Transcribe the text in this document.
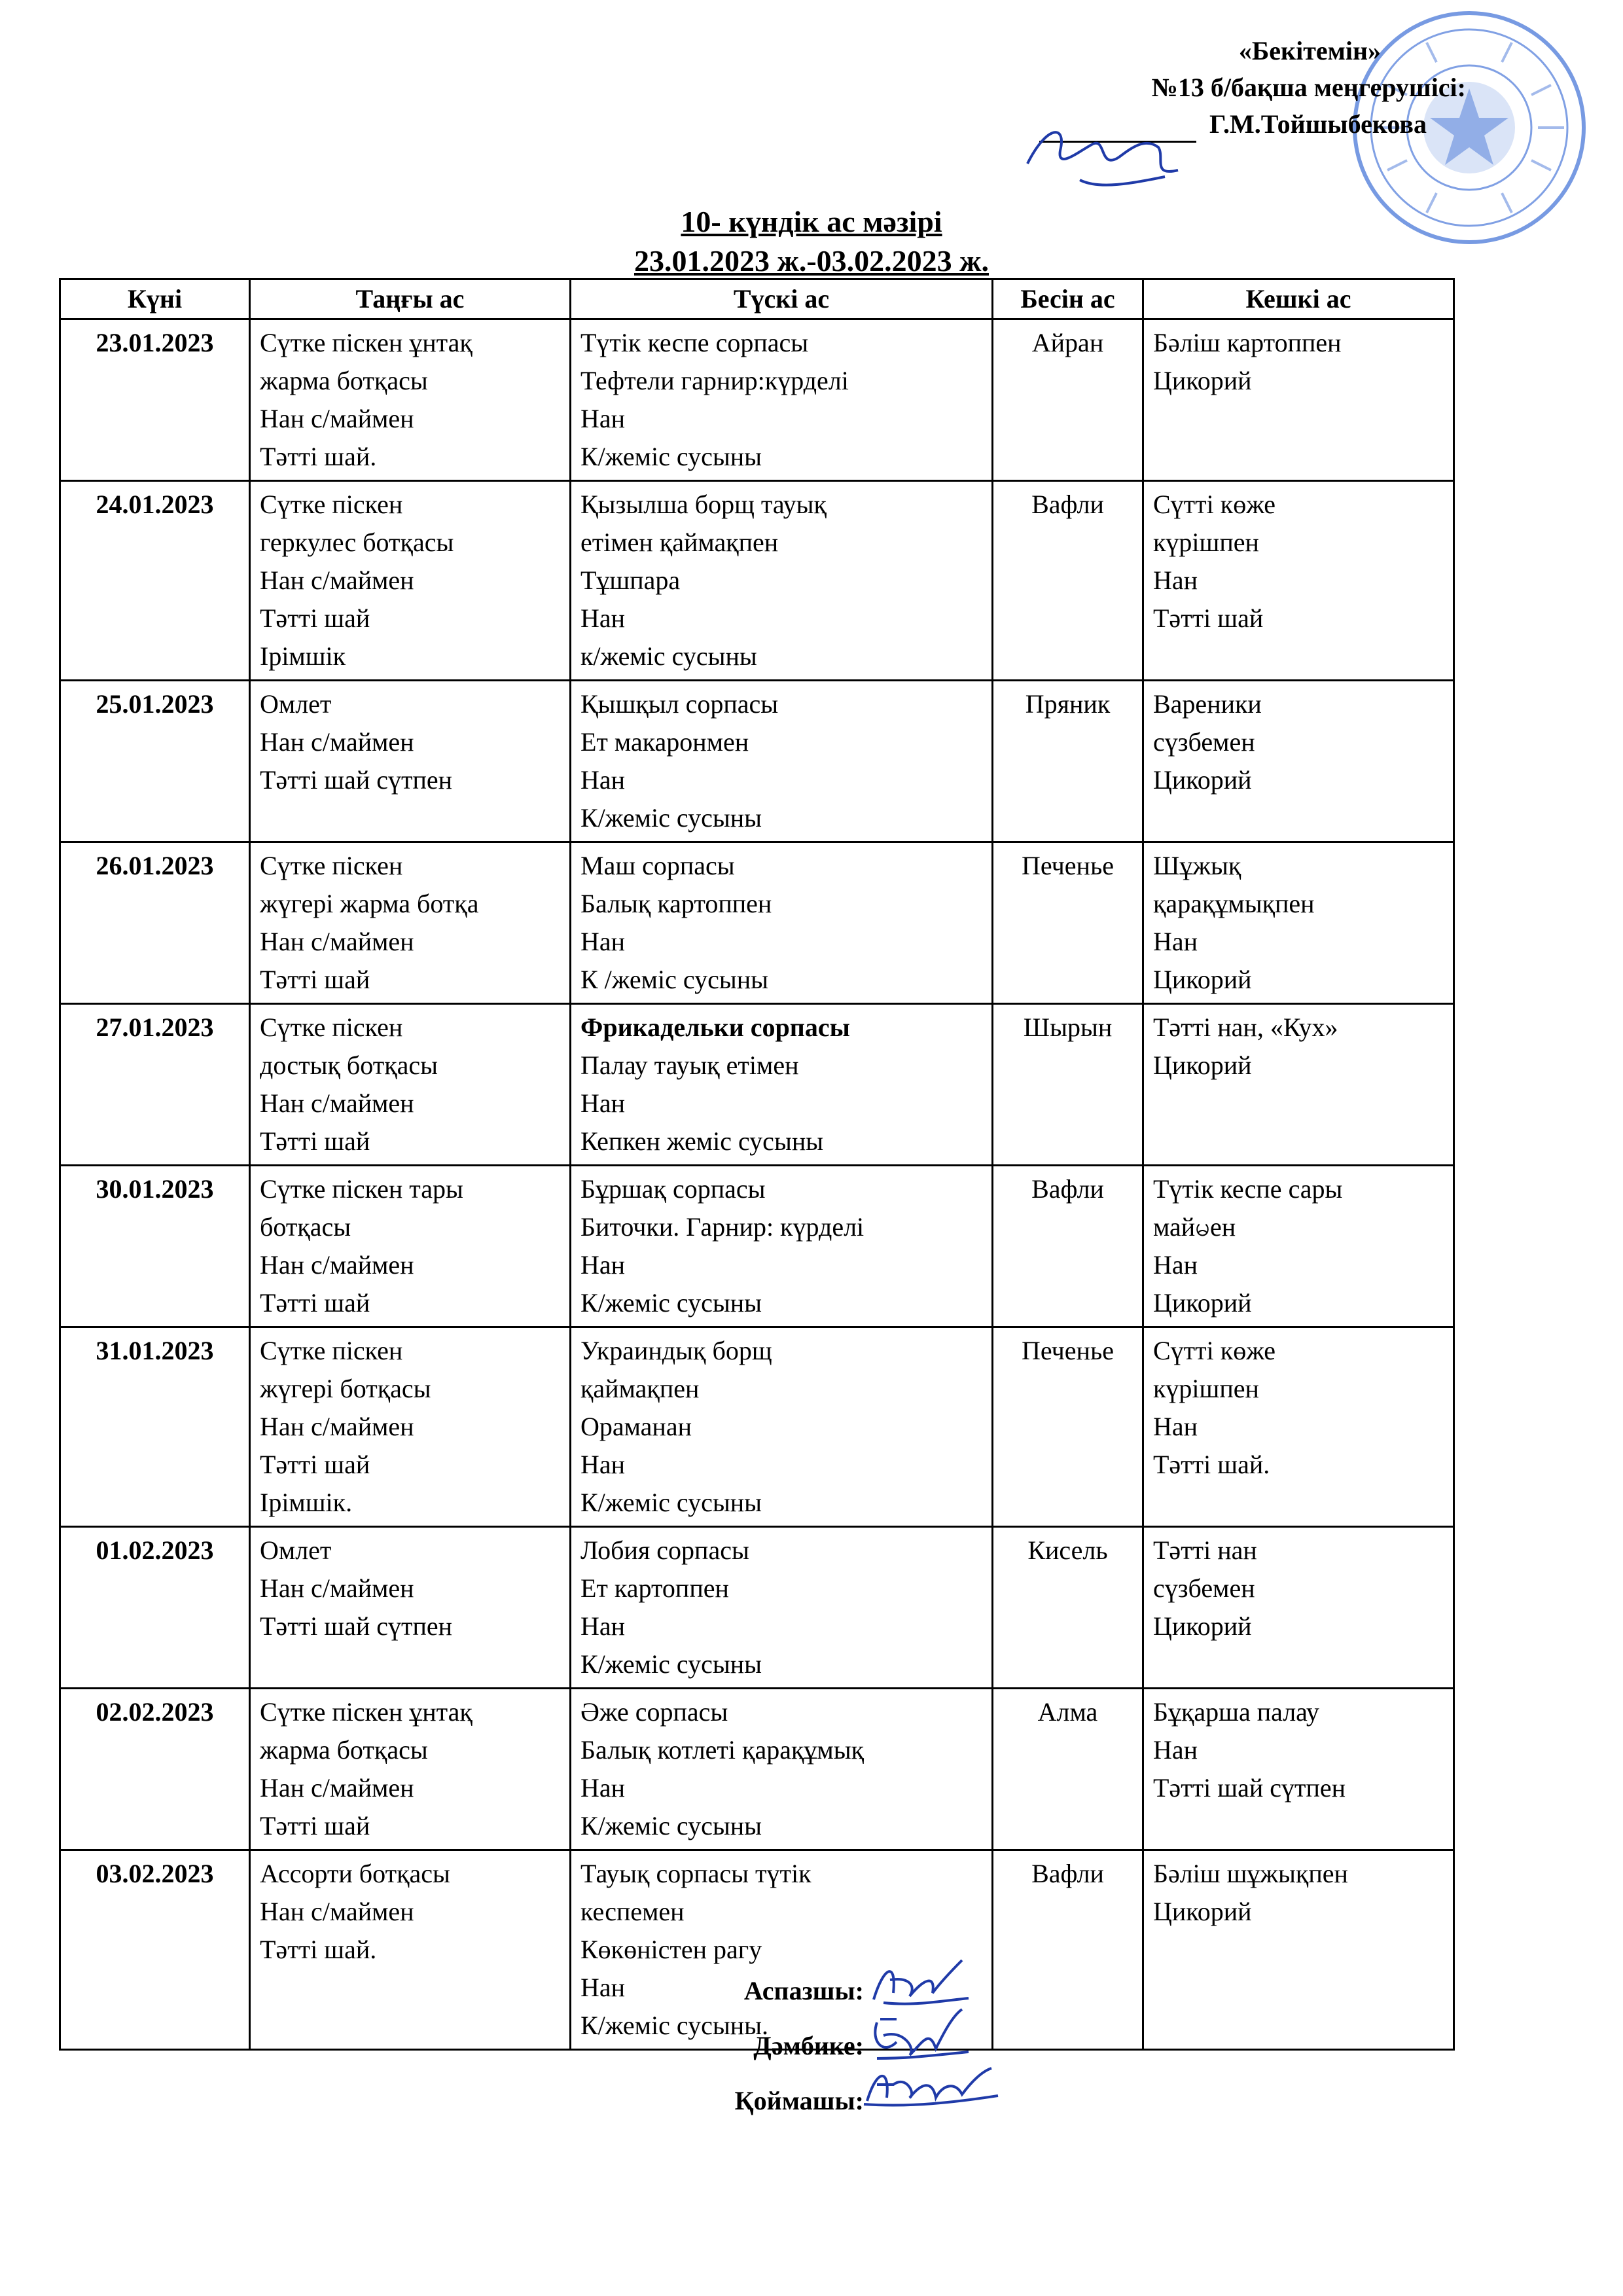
«Бекітемін»
№13 б/бақша меңгерушісі:
Г.М.Тойшыбекова
10- күндік ас мәзірі
23.01.2023 ж.-03.02.2023 ж.
Күні	Таңғы ас	Түскі ас	Бесін ас	Кешкі ас
23.01.2023	Сүтке піскен ұнтақ
жарма ботқасы
Нан с/маймен
Тәтті шай.	Түтік кеспе сорпасы
Тефтели гарнир:күрделі
Нан
К/жеміс сусыны	Айран	Бәліш картоппен
Цикорий

24.01.2023	Сүтке піскен
геркулес ботқасы
Нан с/маймен
Тәтті шай
Ірімшік	Қызылша борщ тауық
етімен қаймақпен
Тұшпара
Нан
к/жеміс сусыны	Вафли	Сүтті көже
күрішпен
Нан
Тәтті шай

25.01.2023	Омлет
Нан с/маймен
Тәтті шай сүтпен	Қышқыл сорпасы
Ет макаронмен
Нан
К/жеміс сусыны	Пряник	Вареники
сүзбемен
Цикорий

26.01.2023	Сүтке піскен
жүгері жарма ботқа
Нан с/маймен
Тәтті шай	Маш сорпасы
Балық картоппен
Нан
К /жеміс сусыны	Печенье	Шұжық
қарақұмықпен
Нан
Цикорий

27.01.2023	Сүтке піскен
достық ботқасы
Нан с/маймен
Тәтті шай	Фрикадельки сорпасы
Палау тауық етімен
Нан
Кепкен жеміс сусыны	Шырын	Тәтті нан, «Кух»
Цикорий

30.01.2023	Сүтке піскен тары
ботқасы
Нан с/маймен
Тәтті шай	Бұршақ сорпасы
Биточки. Гарнир: күрделі
Нан
К/жеміс сусыны	Вафли	Түтік кеспе сары
майမен
Нан
Цикорий

31.01.2023	Сүтке піскен
жүгері ботқасы
Нан с/маймен
Тәтті шай
Ірімшік.	Украиндық борщ
қаймақпен
Ораманан
Нан
К/жеміс сусыны	Печенье	Сүтті көже
күрішпен
Нан
Тәтті шай.

01.02.2023	Омлет
Нан с/маймен
Тәтті шай сүтпен	Лобия сорпасы
Ет картоппен
Нан
К/жеміс сусыны	Кисель	Тәтті нан
сүзбемен
Цикорий

02.02.2023	Сүтке піскен ұнтақ
жарма ботқасы
Нан с/маймен
Тәтті шай	Әже сорпасы
Балық котлеті қарақұмық
Нан
К/жеміс сусыны	Алма	Бұқарша палау
Нан
Тәтті шай сүтпен

03.02.2023	Ассорти ботқасы
Нан с/маймен
Тәтті шай.	Тауық сорпасы түтік
кеспемен
Көкөністен рагу
Нан
К/жеміс сусыны.	Вафли	Бәліш шұжықпен
Цикорий
Аспазшы:
Дәмбике:
Қоймашы:
